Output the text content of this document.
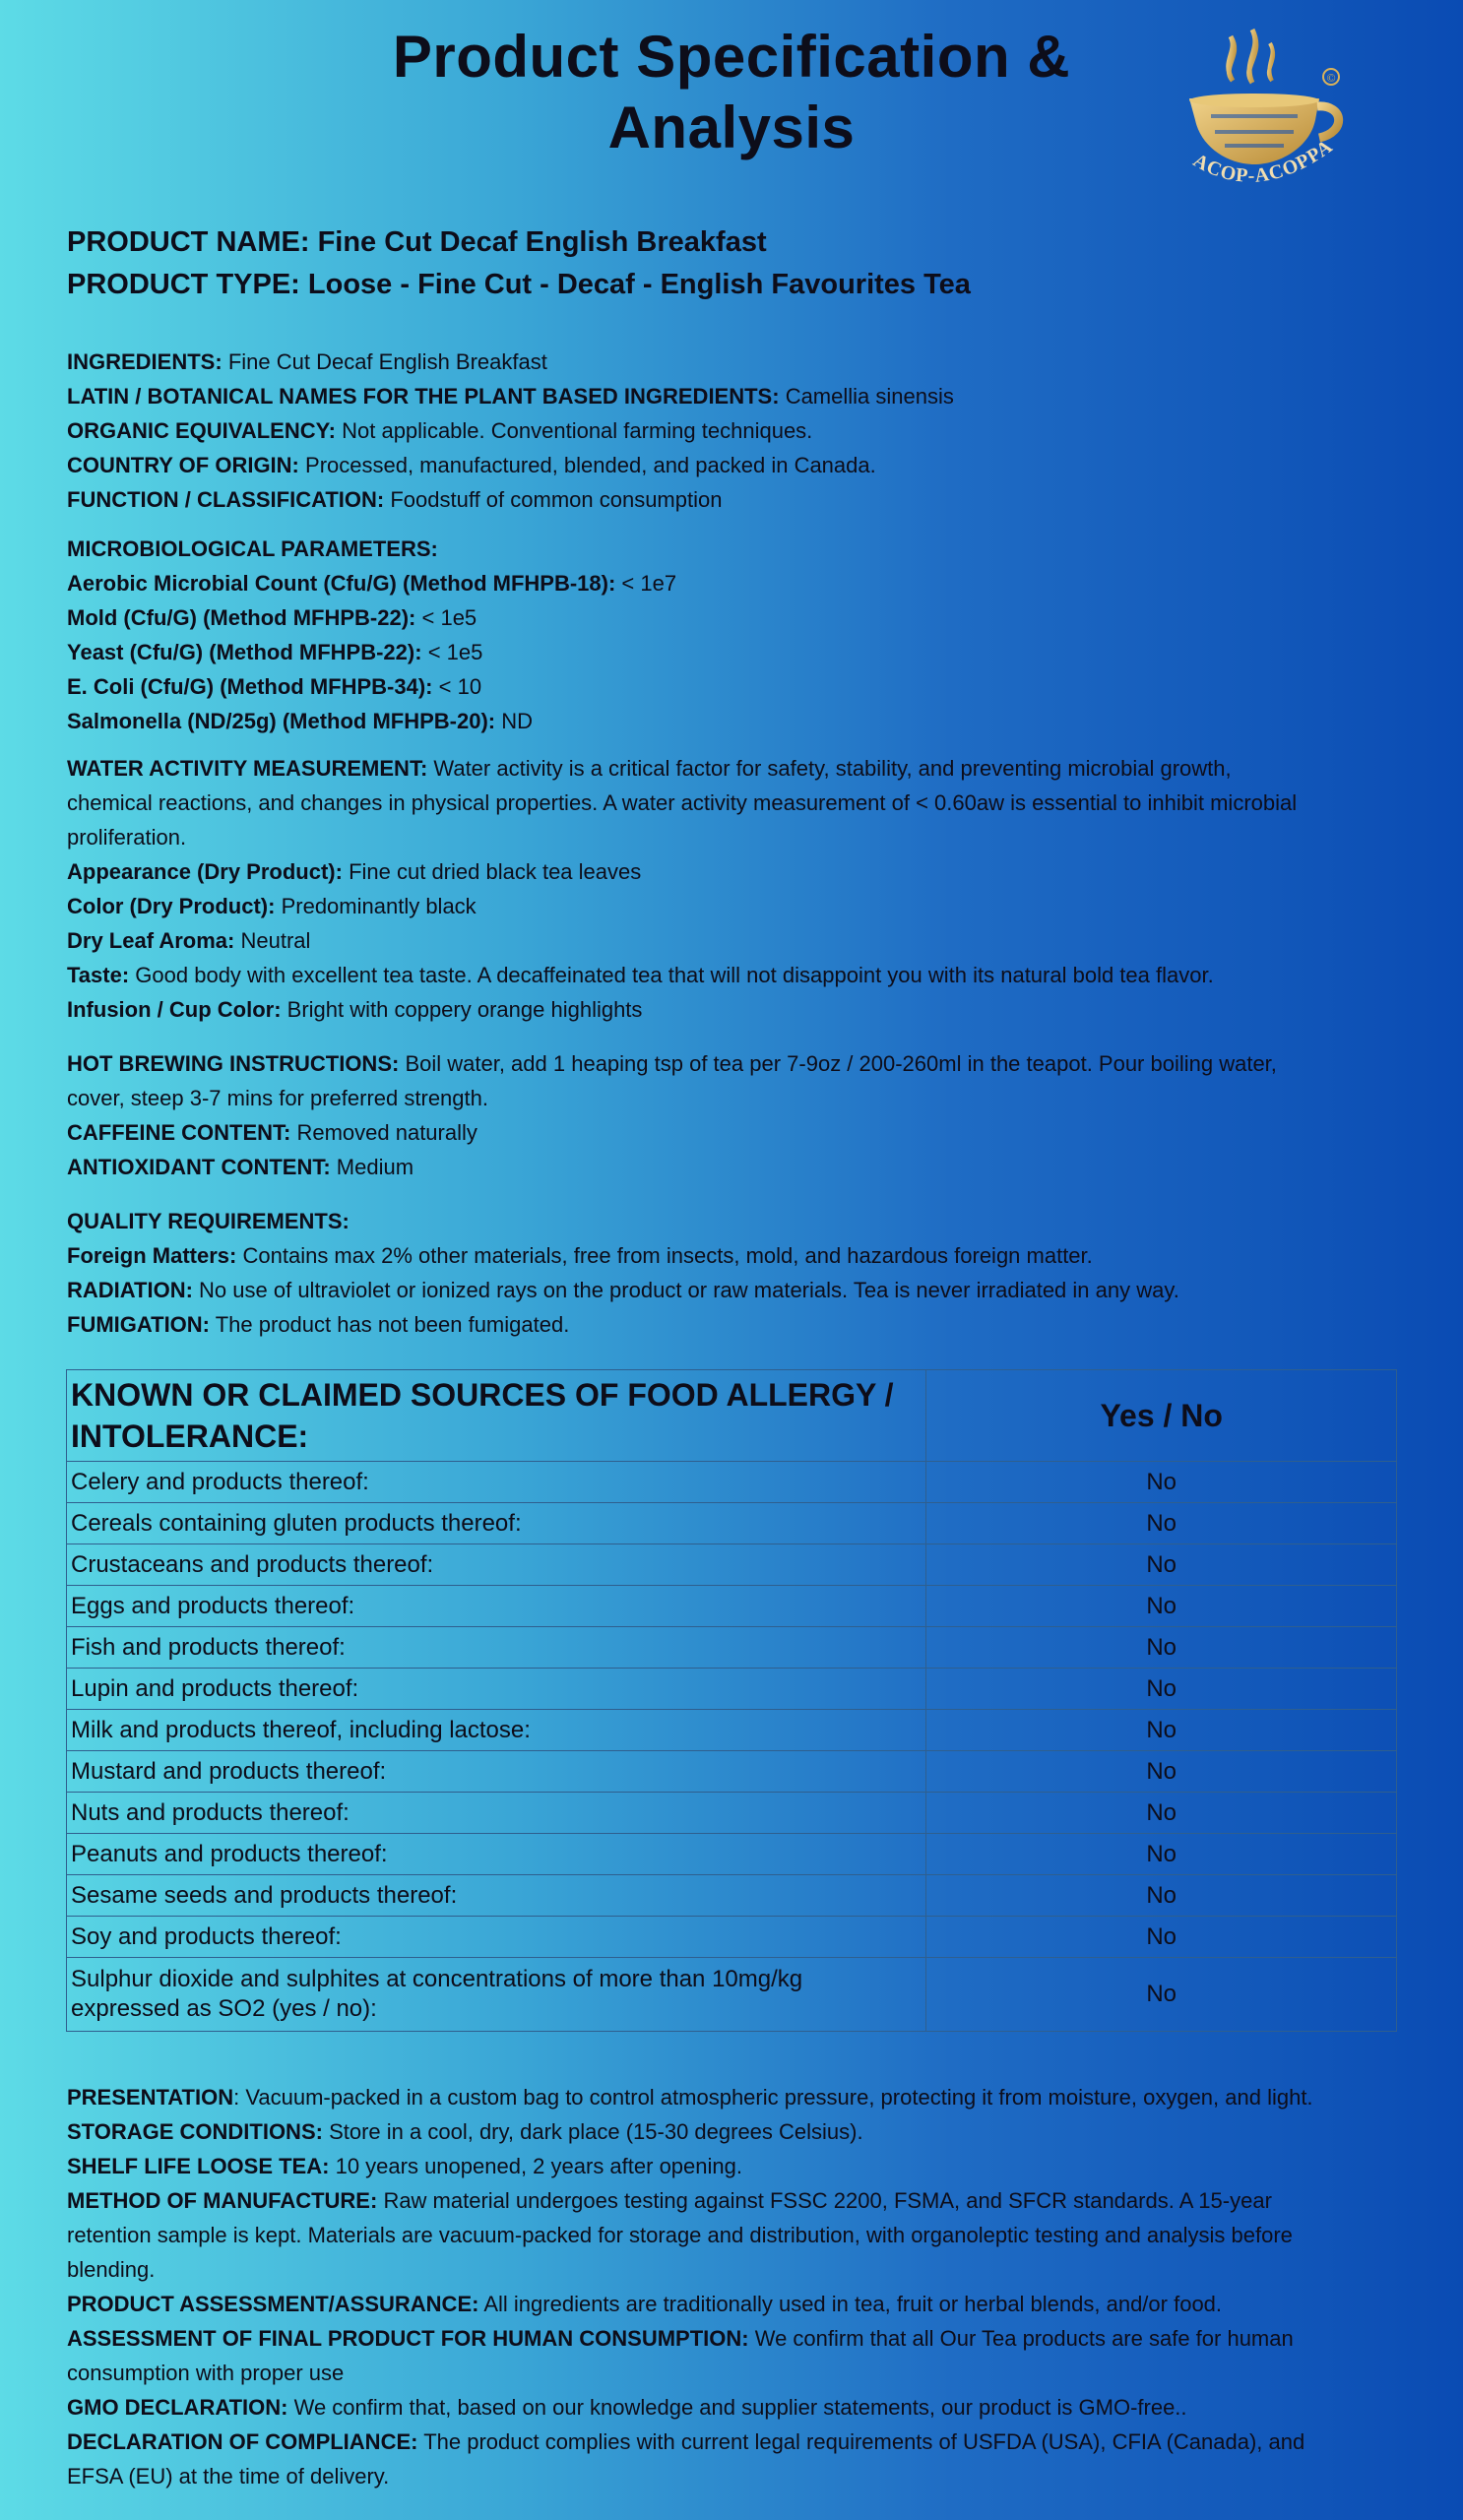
Product Specification &
Analysis
©
ACOP-ACOPPA
PRODUCT NAME: Fine Cut Decaf English Breakfast
PRODUCT TYPE: Loose - Fine Cut - Decaf - English Favourites Tea
INGREDIENTS: Fine Cut Decaf English Breakfast
LATIN / BOTANICAL NAMES FOR THE PLANT BASED INGREDIENTS: Camellia sinensis
ORGANIC EQUIVALENCY: Not applicable. Conventional farming techniques.
COUNTRY OF ORIGIN: Processed, manufactured, blended, and packed in Canada.
FUNCTION / CLASSIFICATION: Foodstuff of common consumption
MICROBIOLOGICAL PARAMETERS:
Aerobic Microbial Count (Cfu/G) (Method MFHPB-18): < 1e7
Mold (Cfu/G) (Method MFHPB-22): < 1e5
Yeast (Cfu/G) (Method MFHPB-22): < 1e5
E. Coli (Cfu/G) (Method MFHPB-34): < 10
Salmonella (ND/25g) (Method MFHPB-20): ND
WATER ACTIVITY MEASUREMENT: Water activity is a critical factor for safety, stability, and preventing microbial growth,
chemical reactions, and changes in physical properties. A water activity measurement of < 0.60aw is essential to inhibit microbial
proliferation.
Appearance (Dry Product): Fine cut dried black tea leaves
Color (Dry Product): Predominantly black
Dry Leaf Aroma: Neutral
Taste: Good body with excellent tea taste. A decaffeinated tea that will not disappoint you with its natural bold tea flavor.
Infusion / Cup Color: Bright with coppery orange highlights
HOT BREWING INSTRUCTIONS: Boil water, add 1 heaping tsp of tea per 7-9oz / 200-260ml in the teapot. Pour boiling water,
cover, steep 3-7 mins for preferred strength.
CAFFEINE CONTENT: Removed naturally
ANTIOXIDANT CONTENT: Medium
QUALITY REQUIREMENTS:
Foreign Matters: Contains max 2% other materials, free from insects, mold, and hazardous foreign matter.
RADIATION: No use of ultraviolet or ionized rays on the product or raw materials. Tea is never irradiated in any way.
FUMIGATION: The product has not been fumigated.
KNOWN OR CLAIMED SOURCES OF FOOD ALLERGY /
INTOLERANCE:	Yes / No
Celery and products thereof:	No
Cereals containing gluten products thereof:	No
Crustaceans and products thereof:	No
Eggs and products thereof:	No
Fish and products thereof:	No
Lupin and products thereof:	No
Milk and products thereof, including lactose:	No
Mustard and products thereof:	No
Nuts and products thereof:	No
Peanuts and products thereof:	No
Sesame seeds and products thereof:	No
Soy and products thereof:	No

Sulphur dioxide and sulphites at concentrations of more than 10mg/kg
expressed as SO2 (yes / no):	No
PRESENTATION: Vacuum-packed in a custom bag to control atmospheric pressure, protecting it from moisture, oxygen, and light.
STORAGE CONDITIONS: Store in a cool, dry, dark place (15-30 degrees Celsius).
SHELF LIFE LOOSE TEA: 10 years unopened, 2 years after opening.
METHOD OF MANUFACTURE: Raw material undergoes testing against FSSC 2200, FSMA, and SFCR standards. A 15-year
retention sample is kept. Materials are vacuum-packed for storage and distribution, with organoleptic testing and analysis before
blending.
PRODUCT ASSESSMENT/ASSURANCE: All ingredients are traditionally used in tea, fruit or herbal blends, and/or food.
ASSESSMENT OF FINAL PRODUCT FOR HUMAN CONSUMPTION: We confirm that all Our Tea products are safe for human
consumption with proper use
GMO DECLARATION: We confirm that, based on our knowledge and supplier statements, our product is GMO-free..
DECLARATION OF COMPLIANCE: The product complies with current legal requirements of USFDA (USA), CFIA (Canada), and
EFSA (EU) at the time of delivery.
